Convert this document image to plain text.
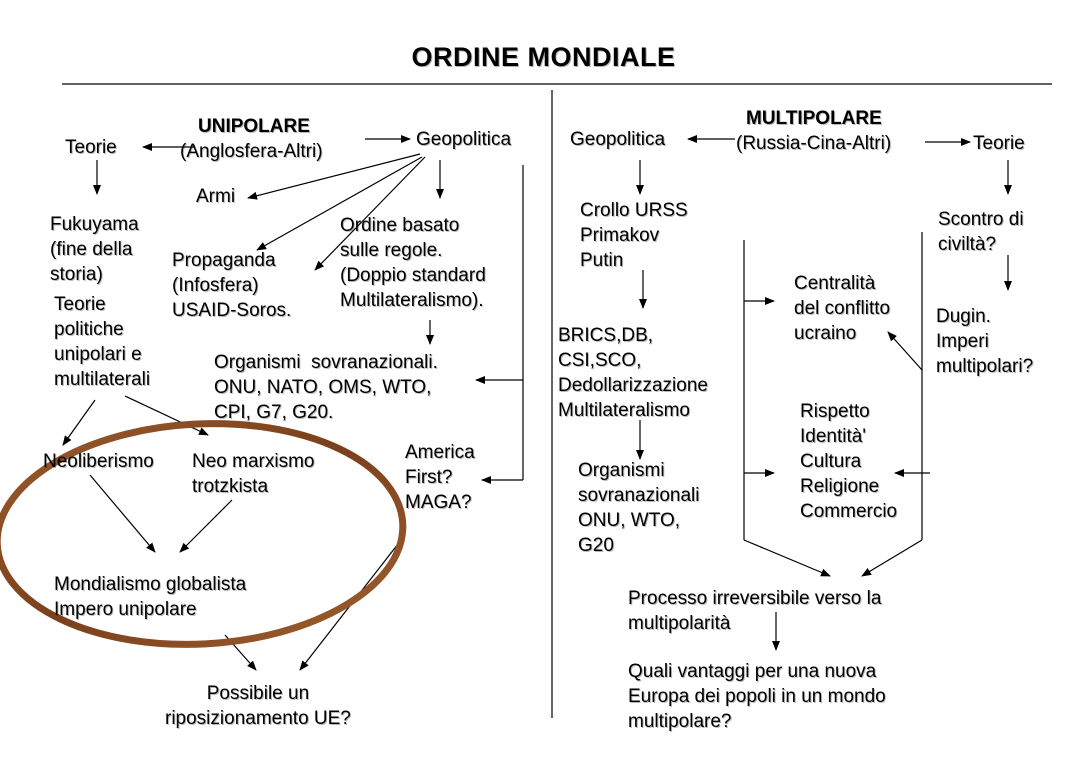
ORDINE MONDIALE
UNIPOLARE
(Anglosfera-Altri)
Teorie	Geopolitica
Armi
Fukuyama
(fine della
storia)
Teorie
politiche
unipolari e
multilaterali
Propaganda
(Infosfera)
USAID-Soros.
Ordine basato
sulle regole.
(Doppio standard
Multilateralismo).
Organismi  sovranazionali.
ONU, NATO, OMS, WTO,
CPI, G7, G20.
Neoliberismo Neo marxismo
trotzkista
America
First?
MAGA?
Mondialismo globalista
Impero unipolare
Possibile un
riposizionamento UE?
MULTIPOLARE
(Russia-Cina-Altri)
Geopolitica	Teorie
Crollo URSS
Primakov
Putin
Scontro di
civiltà?
Centralità
del conflitto
ucraino
Dugin.
Imperi
multipolari?
BRICS,DB,
CSI,SCO,
Dedollarizzazione
Multilateralismo	Rispetto
Identità'
Cultura
Religione
Commercio
Organismi
sovranazionali
ONU, WTO,
G20
Processo irreversibile verso la
multipolarità
Quali vantaggi per una nuova
Europa dei popoli in un mondo
multipolare?
